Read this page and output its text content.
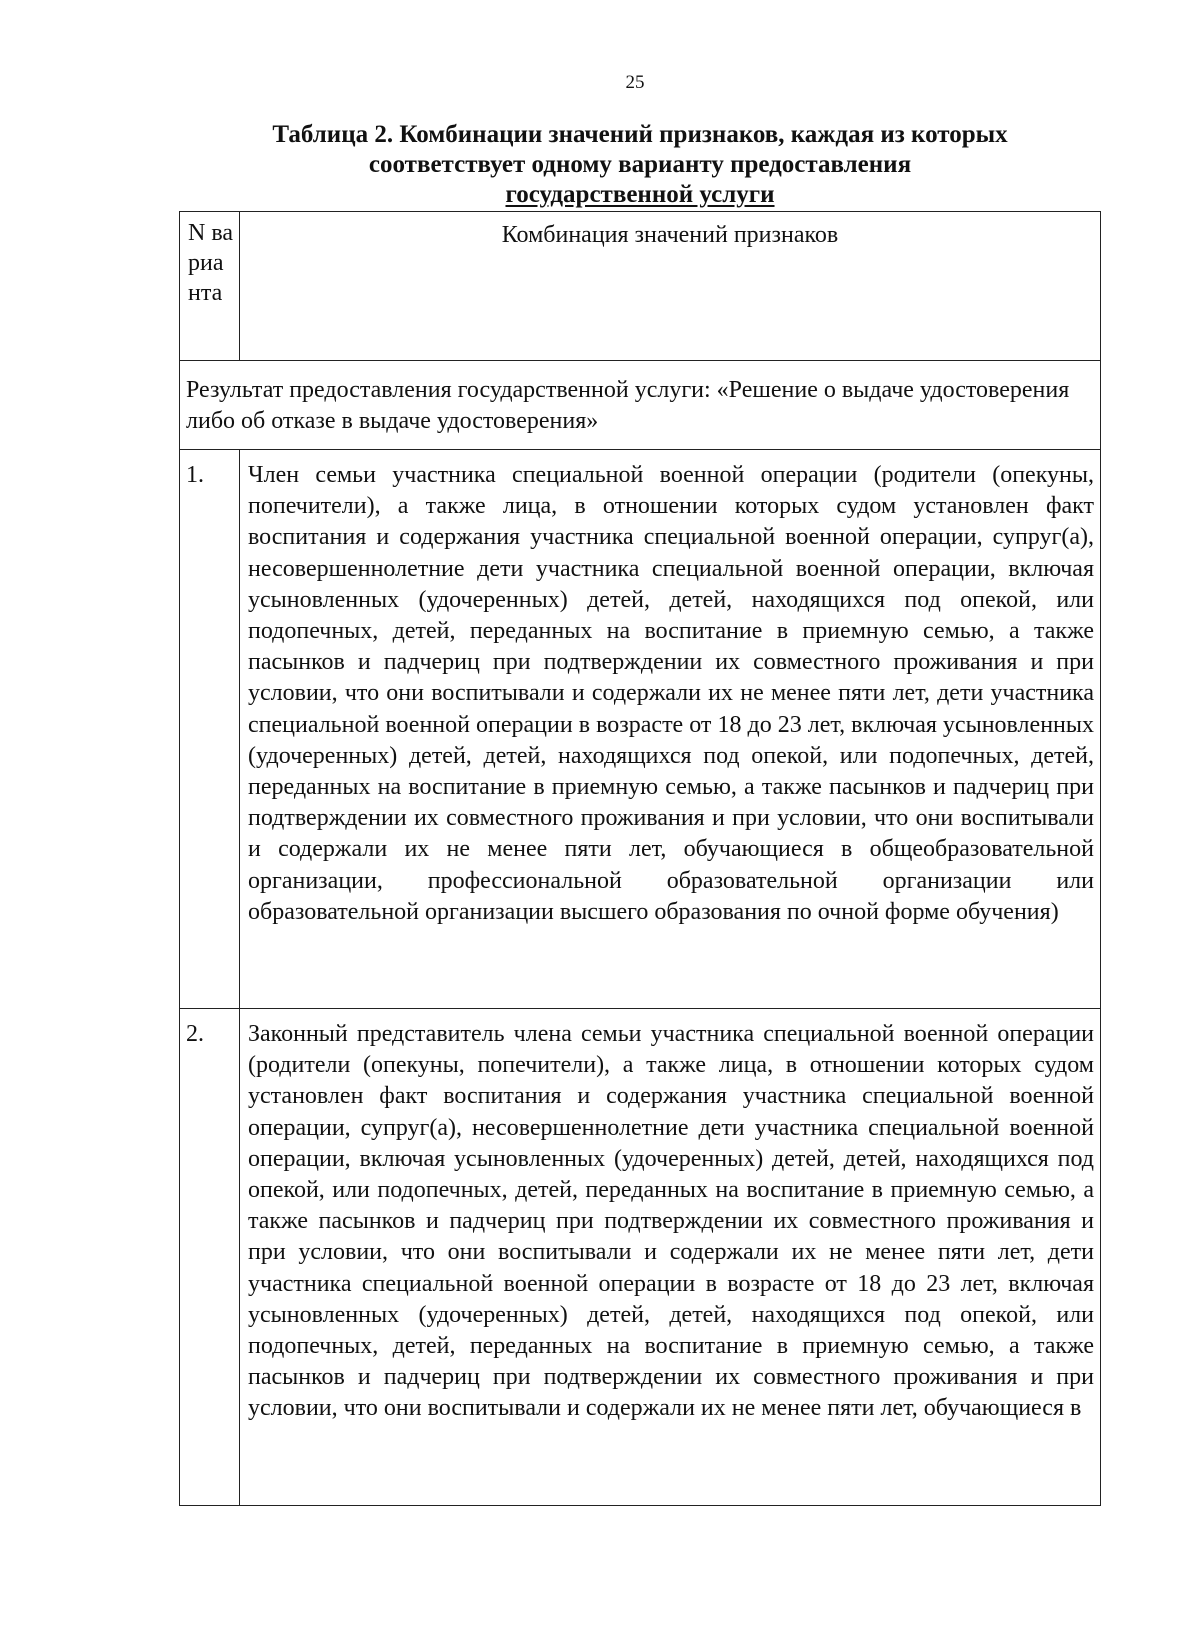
25
Таблица 2. Комбинации значений признаков, каждая из которых
соответствует одному варианту предоставления
государственной услуги
N варианта	Комбинация значений признаков
Результат предоставления государственной услуги: «Решение о выдаче удостоверения либо об отказе в выдаче удостоверения»	
1.	Член семьи участника специальной военной операции (родители (опекуны, попечители), а также лица, в отношении которых судом установлен факт воспитания и содержания участника специальной военной операции, супруг(а), несовершеннолетние дети участника специальной военной операции, включая усыновленных (удочеренных) детей, детей, находящихся под опекой, или подопечных, детей, переданных на воспитание в приемную семью, а также пасынков и падчериц при подтверждении их совместного проживания и при условии, что они воспитывали и содержали их не менее пяти лет, дети участника специальной военной операции в возрасте от 18 до 23 лет, включая усыновленных (удочеренных) детей, детей, находящихся под опекой, или подопечных, детей, переданных на воспитание в приемную семью, а также пасынков и падчериц при подтверждении их совместного проживания и при условии, что они воспитывали и содержали их не менее пяти лет, обучающиеся в общеобразовательной организации, профессиональной образовательной организации или образовательной организации высшего образования по очной форме обучения)
2.	Законный представитель члена семьи участника специальной военной операции (родители (опекуны, попечители), а также лица, в отношении которых судом установлен факт воспитания и содержания участника специальной военной операции, супруг(а), несовершеннолетние дети участника специальной военной операции, включая усыновленных (удочеренных) детей, детей, находящихся под опекой, или подопечных, детей, переданных на воспитание в приемную семью, а также пасынков и падчериц при подтверждении их совместного проживания и при условии, что они воспитывали и содержали их не менее пяти лет, дети участника специальной военной операции в возрасте от 18 до 23 лет, включая усыновленных (удочеренных) детей, детей, находящихся под опекой, или подопечных, детей, переданных на воспитание в приемную семью, а также пасынков и падчериц при подтверждении их совместного проживания и при условии, что они воспитывали и содержали их не менее пяти лет, обучающиеся в
